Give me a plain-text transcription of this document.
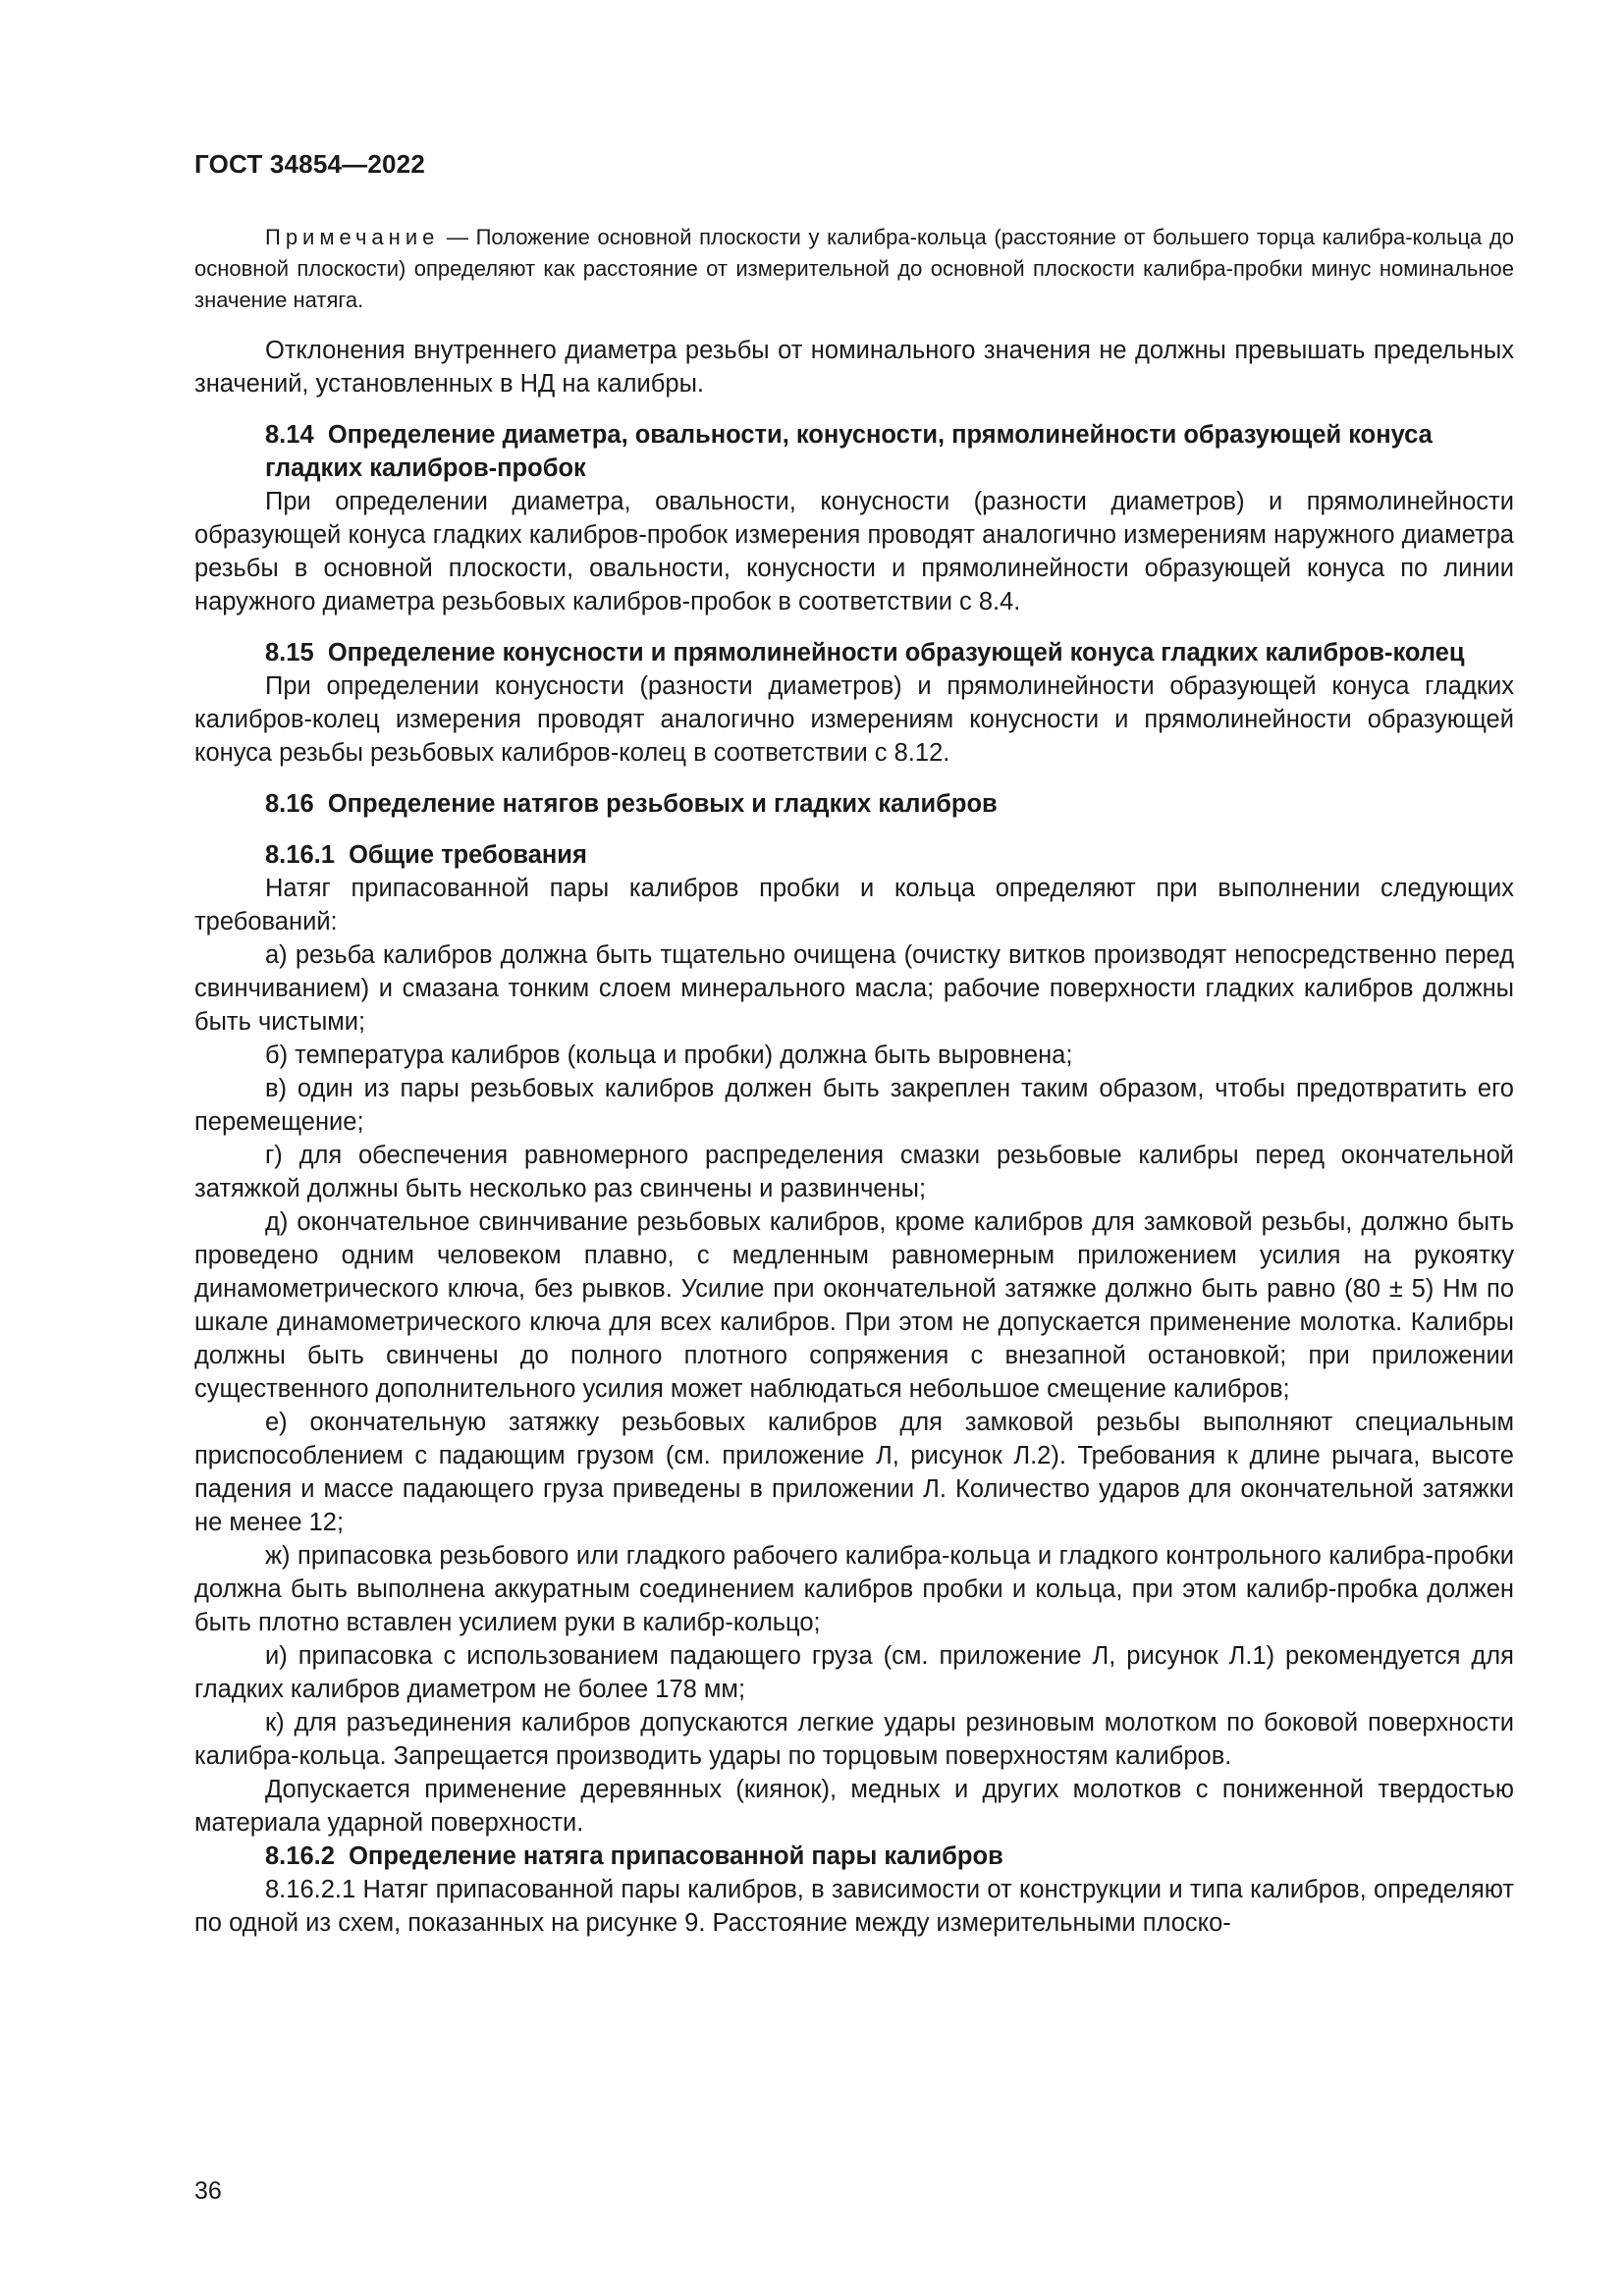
ГОСТ 34854—2022

Примечание — Положение основной плоскости у калибра-кольца (расстояние от большего торца калибра-кольца до основной плоскости) определяют как расстояние от измерительной до основной плоскости калибра-пробки минус номинальное значение натяга.

Отклонения внутреннего диаметра резьбы от номинального значения не должны превышать предельных значений, установленных в НД на калибры.

8.14 Определение диаметра, овальности, конусности, прямолинейности образующей конуса гладких калибров-пробок

При определении диаметра, овальности, конусности (разности диаметров) и прямолинейности образующей конуса гладких калибров-пробок измерения проводят аналогично измерениям наружного диаметра резьбы в основной плоскости, овальности, конусности и прямолинейности образующей конуса по линии наружного диаметра резьбовых калибров-пробок в соответствии с 8.4.

8.15 Определение конусности и прямолинейности образующей конуса гладких калибров-колец

При определении конусности (разности диаметров) и прямолинейности образующей конуса гладких калибров-колец измерения проводят аналогично измерениям конусности и прямолинейности образующей конуса резьбы резьбовых калибров-колец в соответствии с 8.12.

8.16 Определение натягов резьбовых и гладких калибров
8.16.1 Общие требования

Натяг припасованной пары калибров пробки и кольца определяют при выполнении следующих требований:

а) резьба калибров должна быть тщательно очищена (очистку витков производят непосредственно перед свинчиванием) и смазана тонким слоем минерального масла; рабочие поверхности гладких калибров должны быть чистыми;

б) температура калибров (кольца и пробки) должна быть выровнена;

в) один из пары резьбовых калибров должен быть закреплен таким образом, чтобы предотвратить его перемещение;

г) для обеспечения равномерного распределения смазки резьбовые калибры перед окончательной затяжкой должны быть несколько раз свинчены и развинчены;

д) окончательное свинчивание резьбовых калибров, кроме калибров для замковой резьбы, должно быть проведено одним человеком плавно, с медленным равномерным приложением усилия на рукоятку динамометрического ключа, без рывков. Усилие при окончательной затяжке должно быть равно (80 ± 5) Нм по шкале динамометрического ключа для всех калибров. При этом не допускается применение молотка. Калибры должны быть свинчены до полного плотного сопряжения с внезапной остановкой; при приложении существенного дополнительного усилия может наблюдаться небольшое смещение калибров;

е) окончательную затяжку резьбовых калибров для замковой резьбы выполняют специальным приспособлением с падающим грузом (см. приложение Л, рисунок Л.2). Требования к длине рычага, высоте падения и массе падающего груза приведены в приложении Л. Количество ударов для окончательной затяжки не менее 12;

ж) припасовка резьбового или гладкого рабочего калибра-кольца и гладкого контрольного калибра-пробки должна быть выполнена аккуратным соединением калибров пробки и кольца, при этом калибр-пробка должен быть плотно вставлен усилием руки в калибр-кольцо;

и) припасовка с использованием падающего груза (см. приложение Л, рисунок Л.1) рекомендуется для гладких калибров диаметром не более 178 мм;

к) для разъединения калибров допускаются легкие удары резиновым молотком по боковой поверхности калибра-кольца. Запрещается производить удары по торцовым поверхностям калибров.

Допускается применение деревянных (киянок), медных и других молотков с пониженной твердостью материала ударной поверхности.

8.16.2 Определение натяга припасованной пары калибров

8.16.2.1 Натяг припасованной пары калибров, в зависимости от конструкции и типа калибров, определяют по одной из схем, показанных на рисунке 9. Расстояние между измерительными плоско-

36
